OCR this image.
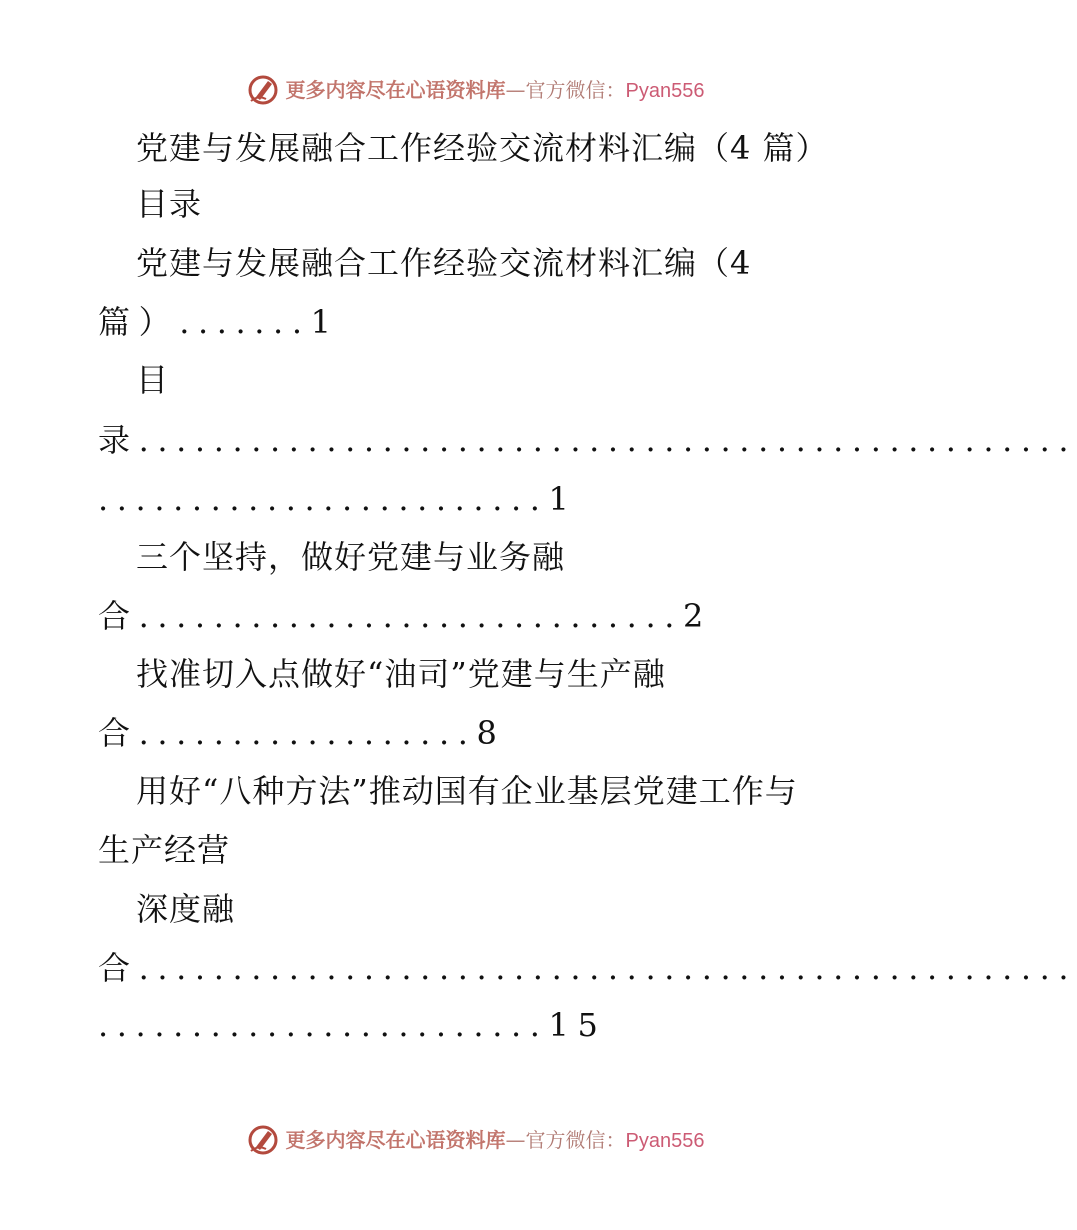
更多内容尽在心语资料库—官方微信：Pyan556
党建与发展融合工作经验交流材料汇编（4 篇）
目录
党建与发展融合工作经验交流材料汇编（4
篇）.......1
目
录..................................................
........................1
三个坚持，做好党建与业务融
合.............................2
找准切入点做好“油司”党建与生产融
合..................8
用好“八种方法”推动国有企业基层党建工作与
生产经营
深度融
合..................................................
........................15
更多内容尽在心语资料库—官方微信：Pyan556
